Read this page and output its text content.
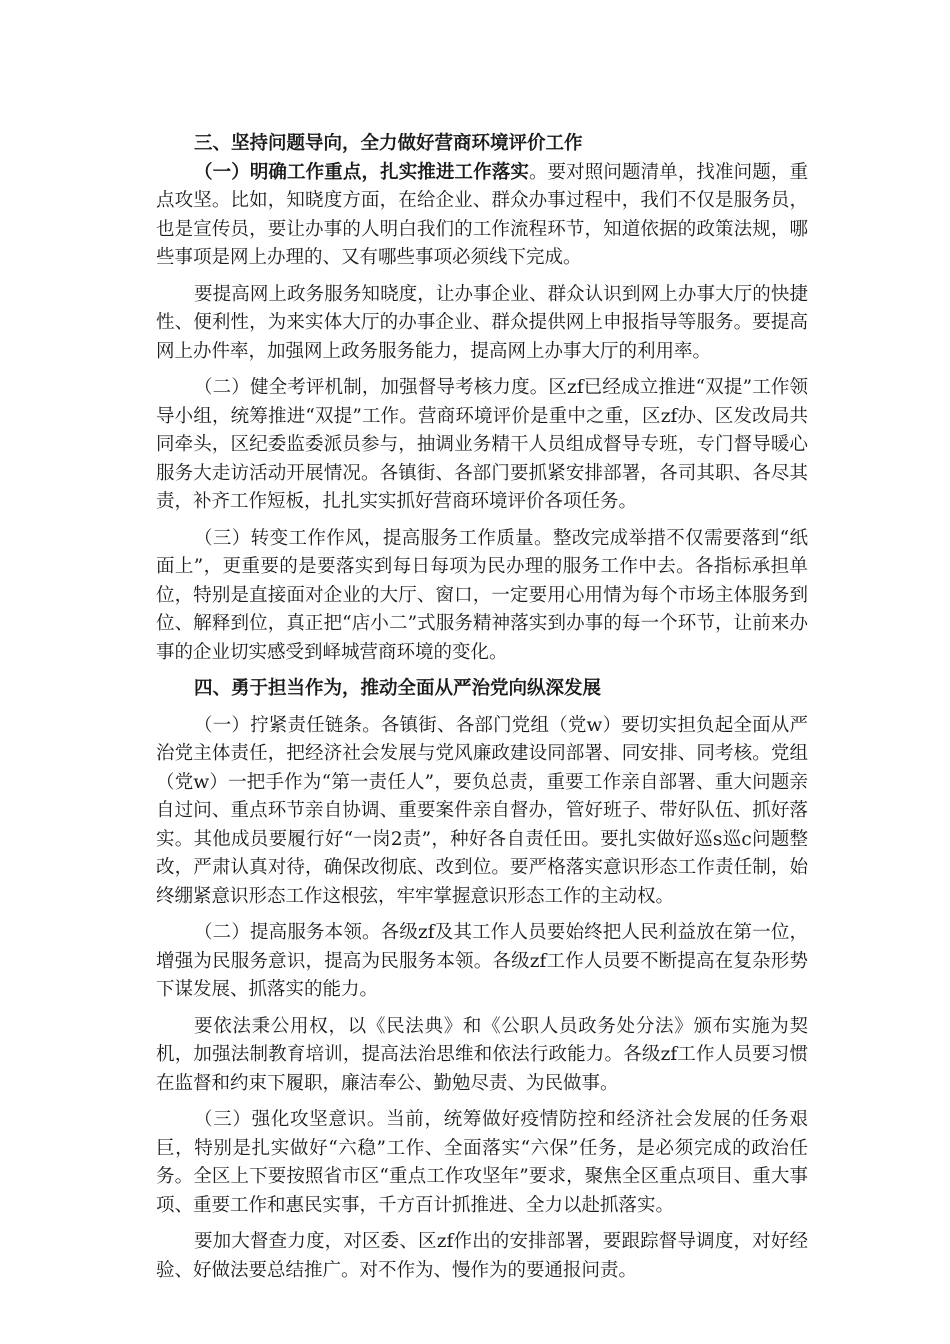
三、坚持问题导向，全力做好营商环境评价工作

（一）明确工作重点，扎实推进工作落实。要对照问题清单，找准问题，重点攻坚。比如，知晓度方面，在给企业、群众办事过程中，我们不仅是服务员，也是宣传员，要让办事的人明白我们的工作流程环节，知道依据的政策法规，哪些事项是网上办理的、又有哪些事项必须线下完成。

要提高网上政务服务知晓度，让办事企业、群众认识到网上办事大厅的快捷性、便利性，为来实体大厅的办事企业、群众提供网上申报指导等服务。要提高网上办件率，加强网上政务服务能力，提高网上办事大厅的利用率。

（二）健全考评机制，加强督导考核力度。区zf已经成立推进“双提”工作领导小组，统筹推进“双提”工作。营商环境评价是重中之重，区zf办、区发改局共同牵头，区纪委监委派员参与，抽调业务精干人员组成督导专班，专门督导暖心服务大走访活动开展情况。各镇街、各部门要抓紧安排部署，各司其职、各尽其责，补齐工作短板，扎扎实实抓好营商环境评价各项任务。

（三）转变工作作风，提高服务工作质量。整改完成举措不仅需要落到“纸面上”，更重要的是要落实到每日每项为民办理的服务工作中去。各指标承担单位，特别是直接面对企业的大厅、窗口，一定要用心用情为每个市场主体服务到位、解释到位，真正把“店小二”式服务精神落实到办事的每一个环节，让前来办事的企业切实感受到峄城营商环境的变化。

四、勇于担当作为，推动全面从严治党向纵深发展

（一）拧紧责任链条。各镇街、各部门党组（党w）要切实担负起全面从严治党主体责任，把经济社会发展与党风廉政建设同部署、同安排、同考核。党组（党w）一把手作为“第一责任人”，要负总责，重要工作亲自部署、重大问题亲自过问、重点环节亲自协调、重要案件亲自督办，管好班子、带好队伍、抓好落实。其他成员要履行好“一岗2责”，种好各自责任田。要扎实做好巡s巡c问题整改，严肃认真对待，确保改彻底、改到位。要严格落实意识形态工作责任制，始终绷紧意识形态工作这根弦，牢牢掌握意识形态工作的主动权。

（二）提高服务本领。各级zf及其工作人员要始终把人民利益放在第一位，增强为民服务意识，提高为民服务本领。各级zf工作人员要不断提高在复杂形势下谋发展、抓落实的能力。

要依法秉公用权，以《民法典》和《公职人员政务处分法》颁布实施为契机，加强法制教育培训，提高法治思维和依法行政能力。各级zf工作人员要习惯在监督和约束下履职，廉洁奉公、勤勉尽责、为民做事。

（三）强化攻坚意识。当前，统筹做好疫情防控和经济社会发展的任务艰巨，特别是扎实做好“六稳”工作、全面落实“六保”任务，是必须完成的政治任务。全区上下要按照省市区“重点工作攻坚年”要求，聚焦全区重点项目、重大事项、重要工作和惠民实事，千方百计抓推进、全力以赴抓落实。

要加大督查力度，对区委、区zf作出的安排部署，要跟踪督导调度，对好经验、好做法要总结推广。对不作为、慢作为的要通报问责。
